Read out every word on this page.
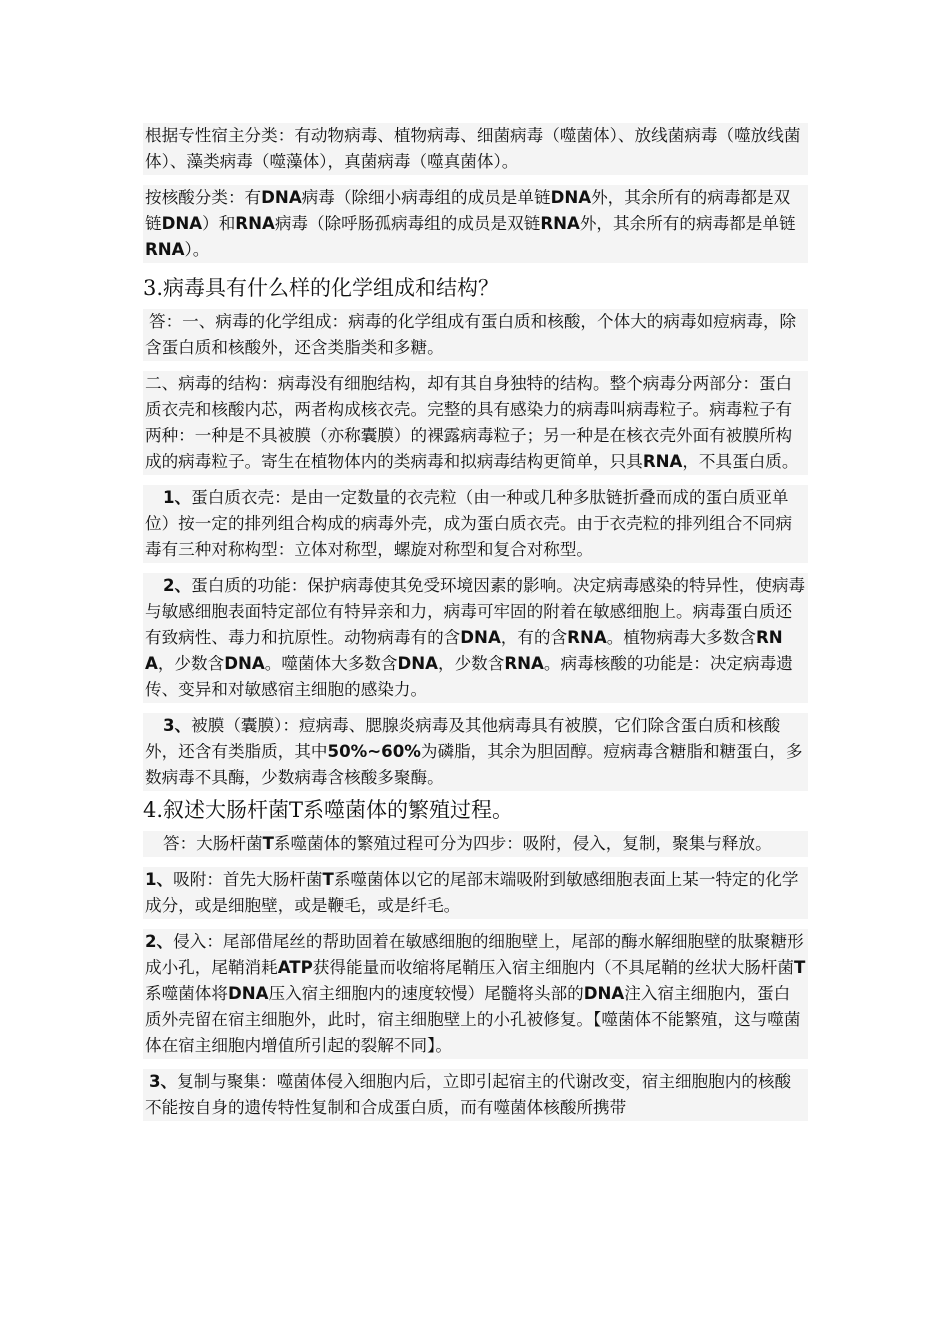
根据专性宿主分类：有动物病毒、植物病毒、细菌病毒（噬菌体）、放线菌病毒（噬放线菌体）、藻类病毒（噬藻体），真菌病毒（噬真菌体）。

按核酸分类：有DNA病毒（除细小病毒组的成员是单链DNA外，其余所有的病毒都是双链DNA）和RNA病毒（除呼肠孤病毒组的成员是双链RNA外，其余所有的病毒都是单链RNA）。

3.病毒具有什么样的化学组成和结构？

答：一、病毒的化学组成：病毒的化学组成有蛋白质和核酸，个体大的病毒如痘病毒，除含蛋白质和核酸外，还含类脂类和多糖。

二、病毒的结构：病毒没有细胞结构，却有其自身独特的结构。整个病毒分两部分：蛋白质衣壳和核酸内芯，两者构成核衣壳。完整的具有感染力的病毒叫病毒粒子。病毒粒子有两种：一种是不具被膜（亦称囊膜）的裸露病毒粒子；另一种是在核衣壳外面有被膜所构成的病毒粒子。寄生在植物体内的类病毒和拟病毒结构更简单，只具RNA，不具蛋白质。

1、蛋白质衣壳：是由一定数量的衣壳粒（由一种或几种多肽链折叠而成的蛋白质亚单位）按一定的排列组合构成的病毒外壳，成为蛋白质衣壳。由于衣壳粒的排列组合不同病毒有三种对称构型：立体对称型，螺旋对称型和复合对称型。

2、蛋白质的功能：保护病毒使其免受环境因素的影响。决定病毒感染的特异性，使病毒与敏感细胞表面特定部位有特异亲和力，病毒可牢固的附着在敏感细胞上。病毒蛋白质还有致病性、毒力和抗原性。动物病毒有的含DNA，有的含RNA。植物病毒大多数含RNA，少数含DNA。噬菌体大多数含DNA，少数含RNA。病毒核酸的功能是：决定病毒遗传、变异和对敏感宿主细胞的感染力。

3、被膜（囊膜）：痘病毒、腮腺炎病毒及其他病毒具有被膜，它们除含蛋白质和核酸外，还含有类脂质，其中50%~60%为磷脂，其余为胆固醇。痘病毒含糖脂和糖蛋白，多数病毒不具酶，少数病毒含核酸多聚酶。

4.叙述大肠杆菌T系噬菌体的繁殖过程。

答：大肠杆菌T系噬菌体的繁殖过程可分为四步：吸附，侵入，复制，聚集与释放。

1、吸附：首先大肠杆菌T系噬菌体以它的尾部末端吸附到敏感细胞表面上某一特定的化学成分，或是细胞壁，或是鞭毛，或是纤毛。

2、侵入：尾部借尾丝的帮助固着在敏感细胞的细胞壁上，尾部的酶水解细胞壁的肽聚糖形成小孔，尾鞘消耗ATP获得能量而收缩将尾鞘压入宿主细胞内（不具尾鞘的丝状大肠杆菌T系噬菌体将DNA压入宿主细胞内的速度较慢）尾髓将头部的DNA注入宿主细胞内，蛋白质外壳留在宿主细胞外，此时，宿主细胞壁上的小孔被修复。【噬菌体不能繁殖，这与噬菌体在宿主细胞内增值所引起的裂解不同】。

3、复制与聚集：噬菌体侵入细胞内后，立即引起宿主的代谢改变，宿主细胞胞内的核酸不能按自身的遗传特性复制和合成蛋白质，而有噬菌体核酸所携带
